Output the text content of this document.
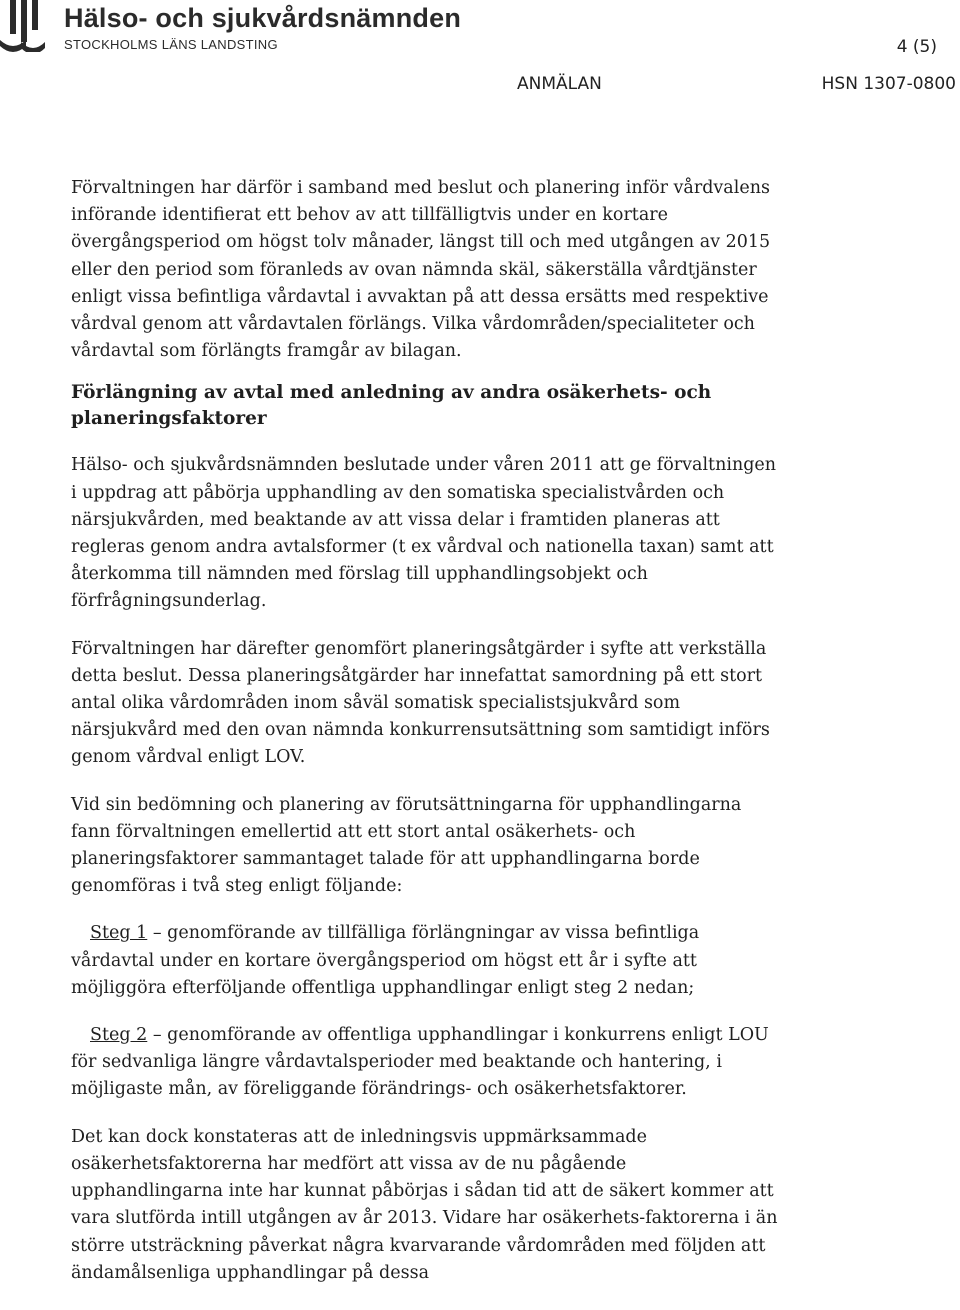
Hälso- och sjukvårdsnämnden
STOCKHOLMS LÄNS LANDSTING	4 (5)
ANMÄLAN	HSN 1307-0800

Förvaltningen har därför i samband med beslut och planering inför vårdvalens införande identifierat ett behov av att tillfälligtvis under en kortare övergångsperiod om högst tolv månader, längst till och med utgången av 2015 eller den period som föranleds av ovan nämnda skäl, säkerställa vårdtjänster enligt vissa befintliga vårdavtal i avvaktan på att dessa ersätts med respektive vårdval genom att vårdavtalen förlängs. Vilka vårdområden/specialiteter och vårdavtal som förlängts framgår av bilagan.

Förlängning av avtal med anledning av andra osäkerhets- och planeringsfaktorer

Hälso- och sjukvårdsnämnden beslutade under våren 2011 att ge förvaltningen i uppdrag att påbörja upphandling av den somatiska specialistvården och närsjukvården, med beaktande av att vissa delar i framtiden planeras att regleras genom andra avtalsformer (t ex vårdval och nationella taxan) samt att återkomma till nämnden med förslag till upphandlingsobjekt och förfrågningsunderlag.

Förvaltningen har därefter genomfört planeringsåtgärder i syfte att verkställa detta beslut. Dessa planeringsåtgärder har innefattat samordning på ett stort antal olika vårdområden inom såväl somatisk specialistsjukvård som närsjukvård med den ovan nämnda konkurrensutsättning som samtidigt införs genom vårdval enligt LOV.

Vid sin bedömning och planering av förutsättningarna för upphandlingarna fann förvaltningen emellertid att ett stort antal osäkerhets- och planeringsfaktorer sammantaget talade för att upphandlingarna borde genomföras i två steg enligt följande:

Steg 1 – genomförande av tillfälliga förlängningar av vissa befintliga vårdavtal under en kortare övergångsperiod om högst ett år i syfte att möjliggöra efterföljande offentliga upphandlingar enligt steg 2 nedan;

Steg 2 – genomförande av offentliga upphandlingar i konkurrens enligt LOU för sedvanliga längre vårdavtalsperioder med beaktande och hantering, i möjligaste mån, av föreliggande förändrings- och osäkerhetsfaktorer.

Det kan dock konstateras att de inledningsvis uppmärksammade osäkerhetsfaktorerna har medfört att vissa av de nu pågående upphandlingarna inte har kunnat påbörjas i sådan tid att de säkert kommer att vara slutförda intill utgången av år 2013. Vidare har osäkerhets-faktorerna i än större utsträckning påverkat några kvarvarande vårdområden med följden att ändamålsenliga upphandlingar på dessa
